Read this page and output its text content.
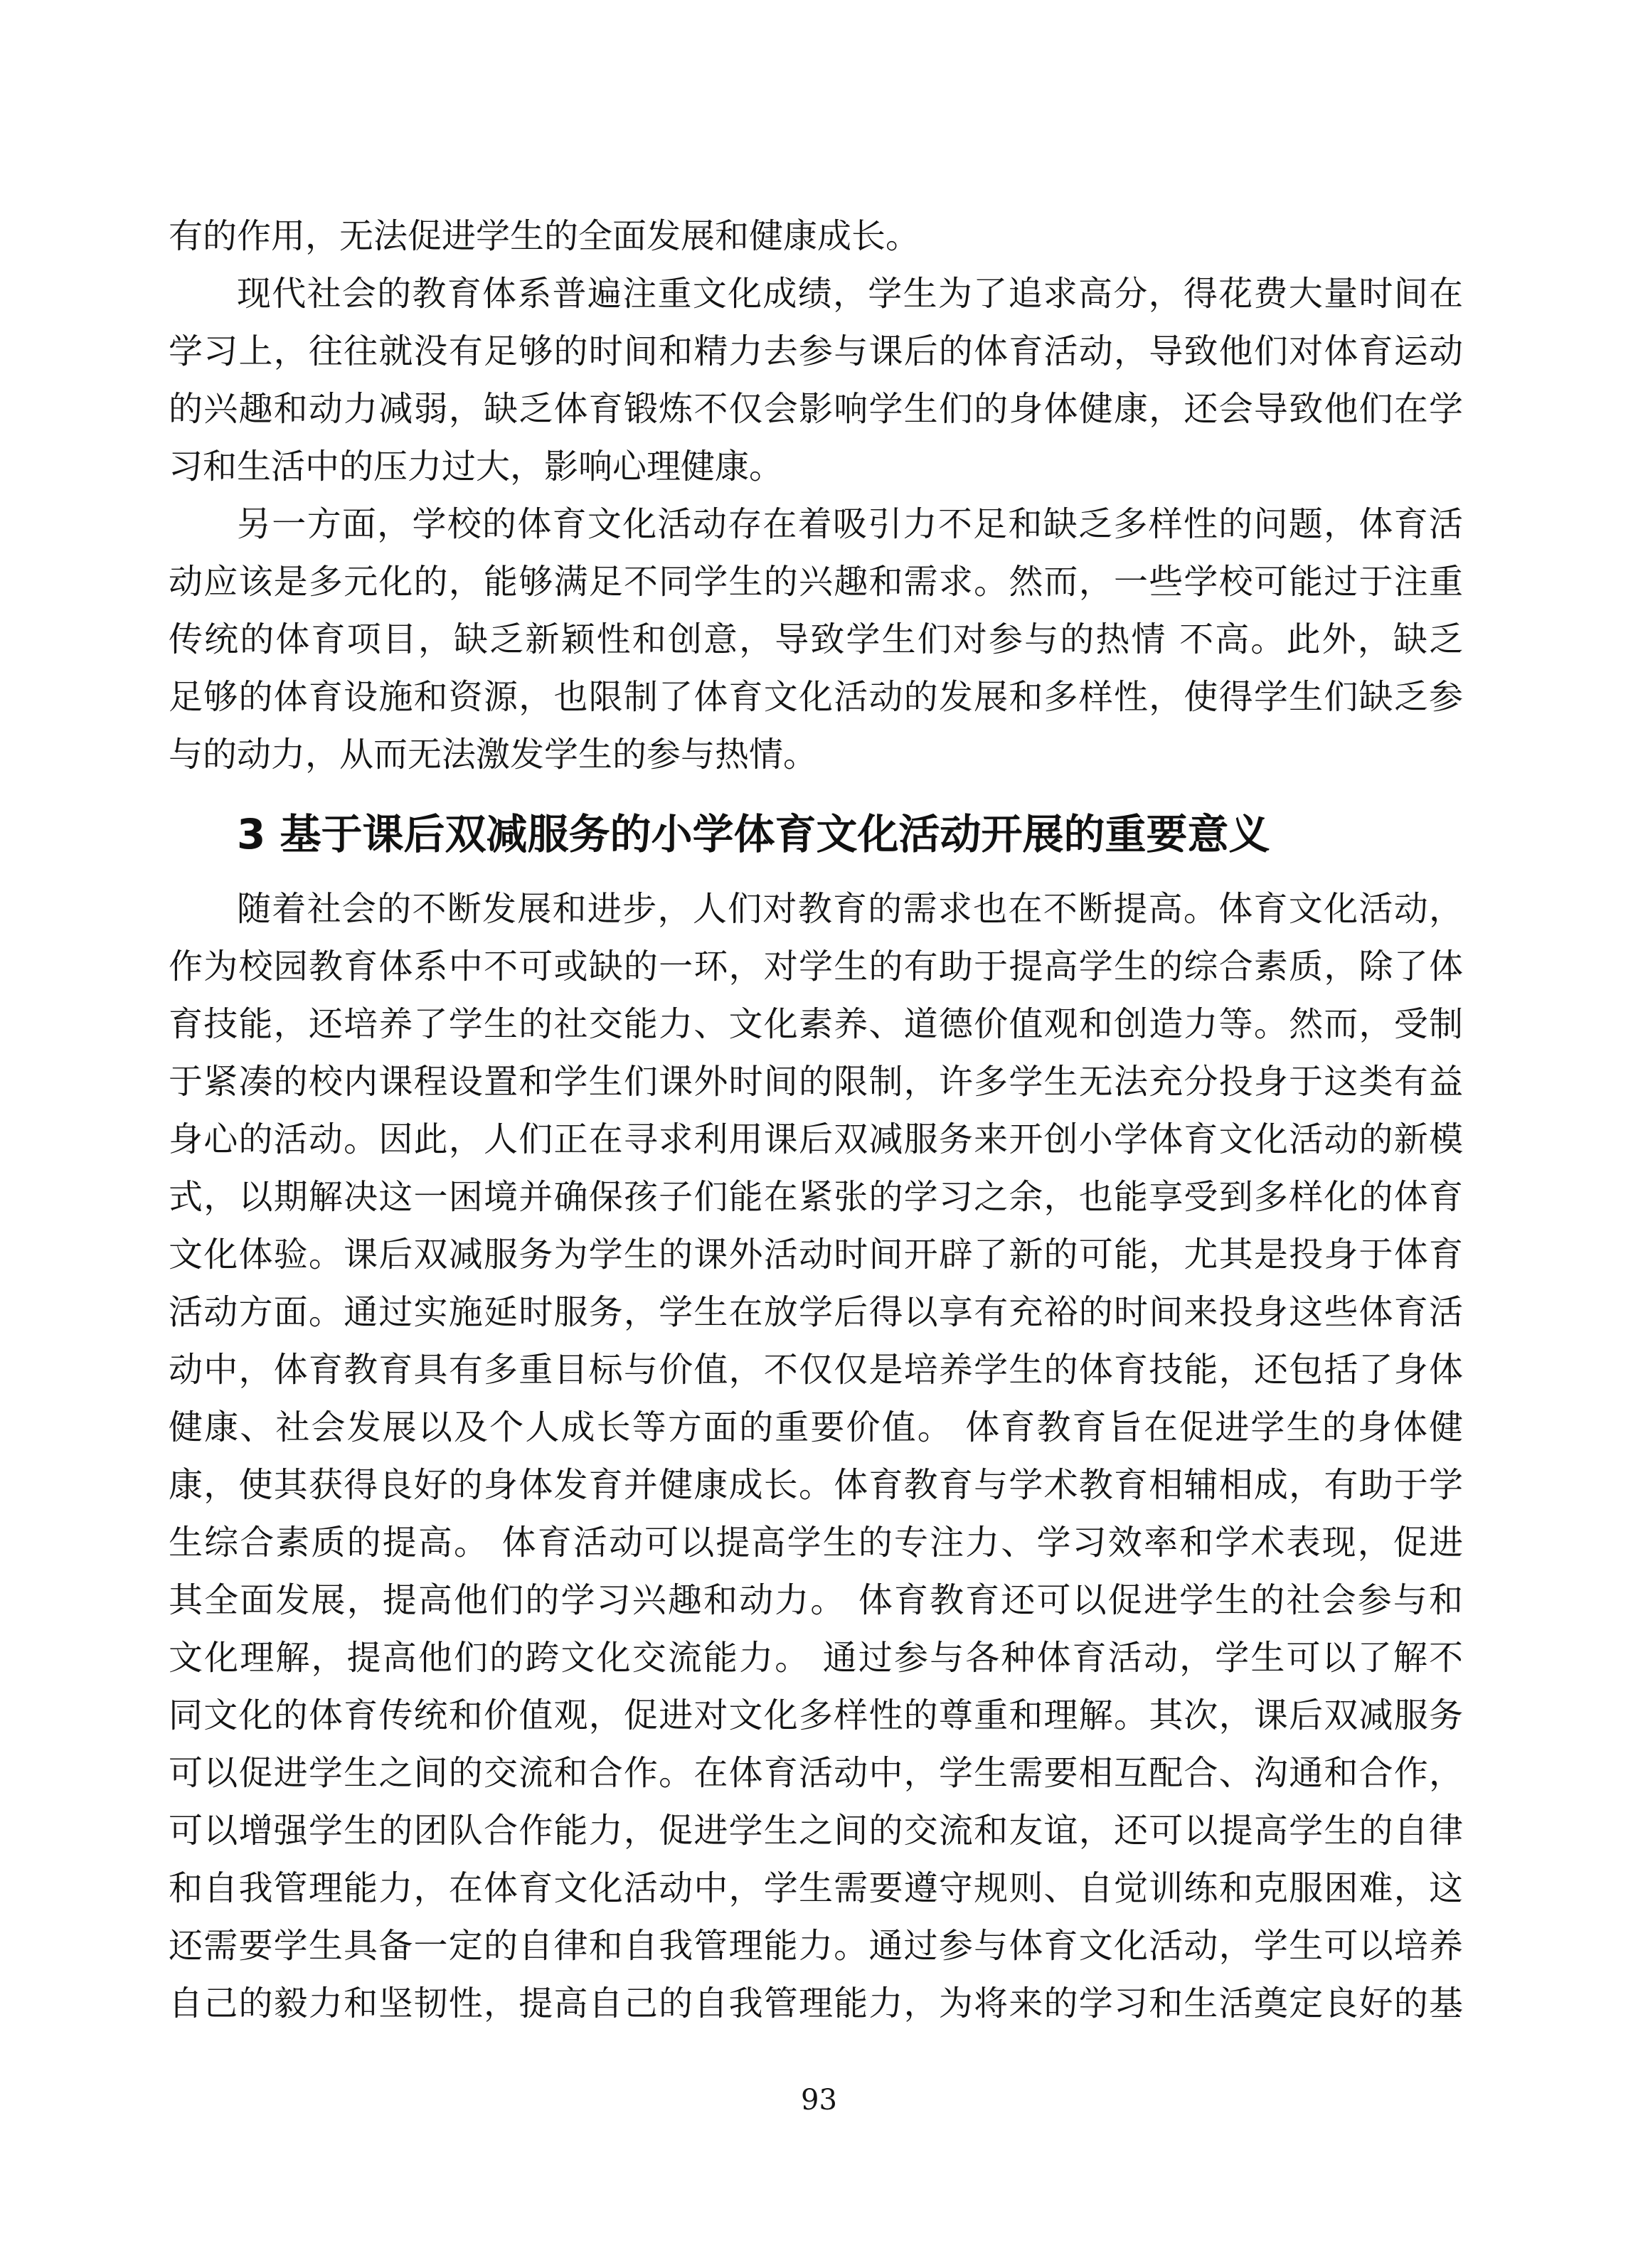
有的作用，无法促进学生的全面发展和健康成长。
现代社会的教育体系普遍注重文化成绩，学生为了追求高分，得花费大量时间在
学习上，往往就没有足够的时间和精力去参与课后的体育活动，导致他们对体育运动
的兴趣和动力减弱，缺乏体育锻炼不仅会影响学生们的身体健康，还会导致他们在学
习和生活中的压力过大，影响心理健康。
另一方面，学校的体育文化活动存在着吸引力不足和缺乏多样性的问题，体育活
动应该是多元化的，能够满足不同学生的兴趣和需求。然而，一些学校可能过于注重
传统的体育项目，缺乏新颖性和创意，导致学生们对参与的热情 不高。此外，缺乏
足够的体育设施和资源，也限制了体育文化活动的发展和多样性，使得学生们缺乏参
与的动力，从而无法激发学生的参与热情。
3 基于课后双减服务的小学体育文化活动开展的重要意义
随着社会的不断发展和进步，人们对教育的需求也在不断提高。体育文化活动，
作为校园教育体系中不可或缺的一环，对学生的有助于提高学生的综合素质，除了体
育技能，还培养了学生的社交能力、文化素养、道德价值观和创造力等。然而，受制
于紧凑的校内课程设置和学生们课外时间的限制，许多学生无法充分投身于这类有益
身心的活动。因此，人们正在寻求利用课后双减服务来开创小学体育文化活动的新模
式，以期解决这一困境并确保孩子们能在紧张的学习之余，也能享受到多样化的体育
文化体验。课后双减服务为学生的课外活动时间开辟了新的可能，尤其是投身于体育
活动方面。通过实施延时服务，学生在放学后得以享有充裕的时间来投身这些体育活
动中，体育教育具有多重目标与价值，不仅仅是培养学生的体育技能，还包括了身体
健康、社会发展以及个人成长等方面的重要价值。 体育教育旨在促进学生的身体健
康，使其获得良好的身体发育并健康成长。体育教育与学术教育相辅相成，有助于学
生综合素质的提高。 体育活动可以提高学生的专注力、学习效率和学术表现，促进
其全面发展，提高他们的学习兴趣和动力。 体育教育还可以促进学生的社会参与和
文化理解，提高他们的跨文化交流能力。 通过参与各种体育活动，学生可以了解不
同文化的体育传统和价值观，促进对文化多样性的尊重和理解。其次，课后双减服务
可以促进学生之间的交流和合作。在体育活动中，学生需要相互配合、沟通和合作，
可以增强学生的团队合作能力，促进学生之间的交流和友谊，还可以提高学生的自律
和自我管理能力，在体育文化活动中，学生需要遵守规则、自觉训练和克服困难，这
还需要学生具备一定的自律和自我管理能力。通过参与体育文化活动，学生可以培养
自己的毅力和坚韧性，提高自己的自我管理能力，为将来的学习和生活奠定良好的基
93
